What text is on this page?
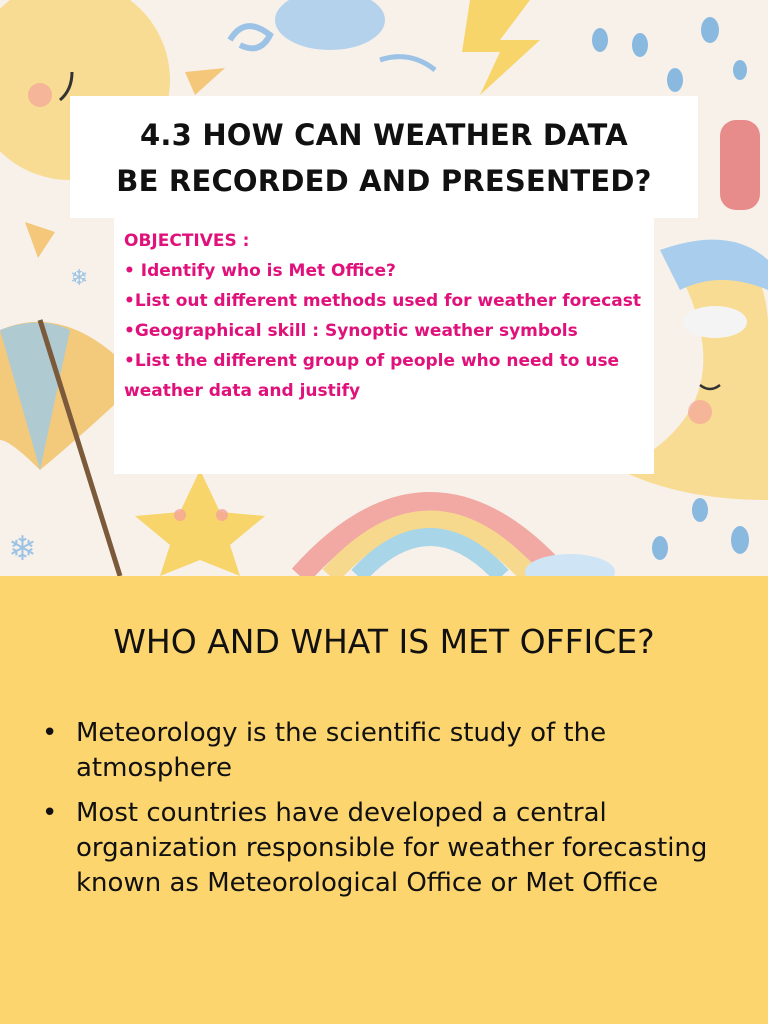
❄
❄
4.3 HOW CAN WEATHER DATA
BE RECORDED AND PRESENTED?
OBJECTIVES :
• Identify who is Met Office?
•List out different methods used for weather forecast
•Geographical skill : Synoptic weather symbols
•List the different group of people who need to use weather data and justify
WHO AND WHAT IS MET OFFICE?
• Meteorology is the scientific study of the atmosphere
• Most countries have developed a central organization responsible for weather forecasting known as Meteorological Office or Met Office
